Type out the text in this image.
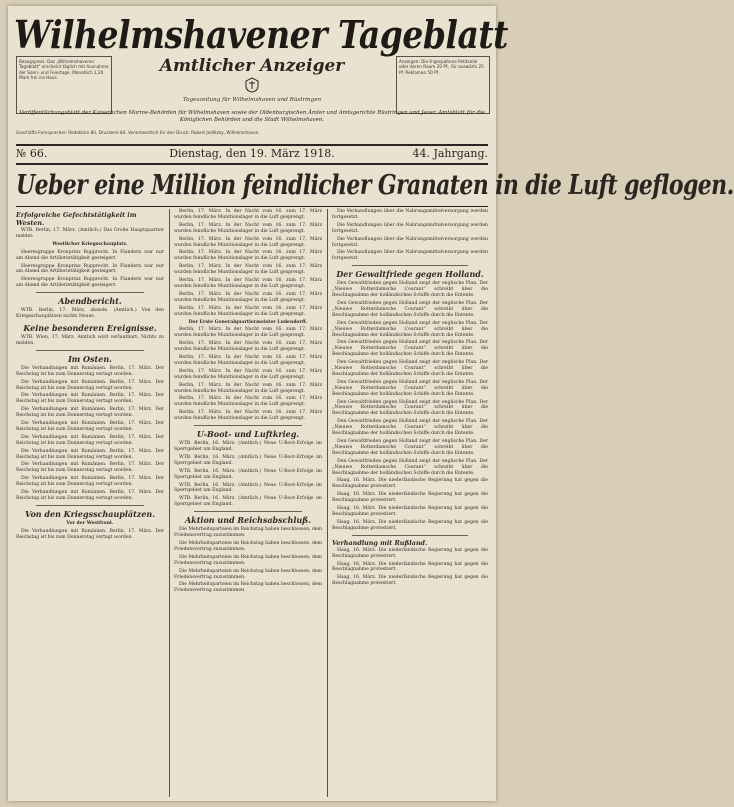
Wilhelmshavener Tageblatt
Bezugspreis: Das „Wilhelmshavener Tageblatt“ erscheint täglich mit Ausnahme der Sonn- und Feiertage. Monatlich 1,20 Mark frei ins Haus.
Amtlicher Anzeiger
Tageszeitung für Wilhelmshaven und Rüstringen
Anzeigen: Die 6-gespaltene Petitzeile oder deren Raum 20 Pf., für auswärts 25 Pf. Reklamen 50 Pf.
Veröffentlichungsblatt der Kaiserlichen Marine-Behörden für Wilhelmshaven sowie der Oldenburgischen Ämter und Amtsgerichte Rüstringen und Jever. Amtsblatt für die Königlichen Behörden und die Stadt Wilhelmshaven.
Geschäfts-Fernsprecher: Redaktion 80, Druckerei 84. Verantwortlich für den Druck: Robert Jedlitzky, Wilhelmshaven.
№ 66.	Dienstag, den 19. März 1918.	44. Jahrgang.
Ueber eine Million feindlicher Granaten in die Luft geflogen.
Erfolgreiche Gefechtstätigkeit im Westen.

WTB. Berlin, 17. März. (Amtlich.) Das Große Hauptquartier meldet:

Westlicher Kriegsschauplatz.

Heeresgruppe Kronprinz Rupprecht. In Flandern war nur am Abend die Artillerietätigkeit gesteigert.

Heeresgruppe Kronprinz Rupprecht. In Flandern war nur am Abend die Artillerietätigkeit gesteigert.

Heeresgruppe Kronprinz Rupprecht. In Flandern war nur am Abend die Artillerietätigkeit gesteigert.

Abendbericht.

WTB. Berlin, 17. März, abends. (Amtlich.) Von den Kriegsschauplätzen nichts Neues.

Keine besonderen Ereignisse.

WTB. Wien, 17. März. Amtlich wird verlautbart: Nichts zu melden.

Im Osten.

Die Verhandlungen mit Rumänien. Berlin, 17. März. Der Reichstag ist bis zum Donnerstag vertagt worden.

Die Verhandlungen mit Rumänien. Berlin, 17. März. Der Reichstag ist bis zum Donnerstag vertagt worden.

Die Verhandlungen mit Rumänien. Berlin, 17. März. Der Reichstag ist bis zum Donnerstag vertagt worden.

Die Verhandlungen mit Rumänien. Berlin, 17. März. Der Reichstag ist bis zum Donnerstag vertagt worden.

Die Verhandlungen mit Rumänien. Berlin, 17. März. Der Reichstag ist bis zum Donnerstag vertagt worden.

Die Verhandlungen mit Rumänien. Berlin, 17. März. Der Reichstag ist bis zum Donnerstag vertagt worden.

Die Verhandlungen mit Rumänien. Berlin, 17. März. Der Reichstag ist bis zum Donnerstag vertagt worden.

Die Verhandlungen mit Rumänien. Berlin, 17. März. Der Reichstag ist bis zum Donnerstag vertagt worden.

Die Verhandlungen mit Rumänien. Berlin, 17. März. Der Reichstag ist bis zum Donnerstag vertagt worden.

Die Verhandlungen mit Rumänien. Berlin, 17. März. Der Reichstag ist bis zum Donnerstag vertagt worden.

Von den Kriegsschauplätzen.
Vor der Westfront.

Die Verhandlungen mit Rumänien. Berlin, 17. März. Der Reichstag ist bis zum Donnerstag vertagt worden.

Berlin, 17. März. In der Nacht vom 16. zum 17. März wurden feindliche Munitionslager in die Luft gesprengt.

Berlin, 17. März. In der Nacht vom 16. zum 17. März wurden feindliche Munitionslager in die Luft gesprengt.

Berlin, 17. März. In der Nacht vom 16. zum 17. März wurden feindliche Munitionslager in die Luft gesprengt.

Berlin, 17. März. In der Nacht vom 16. zum 17. März wurden feindliche Munitionslager in die Luft gesprengt.

Berlin, 17. März. In der Nacht vom 16. zum 17. März wurden feindliche Munitionslager in die Luft gesprengt.

Berlin, 17. März. In der Nacht vom 16. zum 17. März wurden feindliche Munitionslager in die Luft gesprengt.

Berlin, 17. März. In der Nacht vom 16. zum 17. März wurden feindliche Munitionslager in die Luft gesprengt.

Berlin, 17. März. In der Nacht vom 16. zum 17. März wurden feindliche Munitionslager in die Luft gesprengt.

Der Erste Generalquartiermeister Ludendorff.

Berlin, 17. März. In der Nacht vom 16. zum 17. März wurden feindliche Munitionslager in die Luft gesprengt.

Berlin, 17. März. In der Nacht vom 16. zum 17. März wurden feindliche Munitionslager in die Luft gesprengt.

Berlin, 17. März. In der Nacht vom 16. zum 17. März wurden feindliche Munitionslager in die Luft gesprengt.

Berlin, 17. März. In der Nacht vom 16. zum 17. März wurden feindliche Munitionslager in die Luft gesprengt.

Berlin, 17. März. In der Nacht vom 16. zum 17. März wurden feindliche Munitionslager in die Luft gesprengt.

Berlin, 17. März. In der Nacht vom 16. zum 17. März wurden feindliche Munitionslager in die Luft gesprengt.

Berlin, 17. März. In der Nacht vom 16. zum 17. März wurden feindliche Munitionslager in die Luft gesprengt.

U-Boot- und Luftkrieg.

WTB. Berlin, 16. März. (Amtlich.) Neue U-Boot-Erfolge im Sperrgebiet um England.

WTB. Berlin, 16. März. (Amtlich.) Neue U-Boot-Erfolge im Sperrgebiet um England.

WTB. Berlin, 16. März. (Amtlich.) Neue U-Boot-Erfolge im Sperrgebiet um England.

WTB. Berlin, 16. März. (Amtlich.) Neue U-Boot-Erfolge im Sperrgebiet um England.

WTB. Berlin, 16. März. (Amtlich.) Neue U-Boot-Erfolge im Sperrgebiet um England.

Aktion und Reichsabschluß.

Die Mehrheitsparteien im Reichstag haben beschlossen, dem Friedensvertrag zuzustimmen.

Die Mehrheitsparteien im Reichstag haben beschlossen, dem Friedensvertrag zuzustimmen.

Die Mehrheitsparteien im Reichstag haben beschlossen, dem Friedensvertrag zuzustimmen.

Die Mehrheitsparteien im Reichstag haben beschlossen, dem Friedensvertrag zuzustimmen.

Die Mehrheitsparteien im Reichstag haben beschlossen, dem Friedensvertrag zuzustimmen.

Die Verhandlungen über die Nahrungsmittelversorgung werden fortgesetzt.

Die Verhandlungen über die Nahrungsmittelversorgung werden fortgesetzt.

Die Verhandlungen über die Nahrungsmittelversorgung werden fortgesetzt.

Die Verhandlungen über die Nahrungsmittelversorgung werden fortgesetzt.

Der Gewaltfriede gegen Holland.

Den Gewaltfrieden gegen Holland zeigt der englische Plan. Der „Nieuwe Rotterdamsche Courant“ schreibt über die Beschlagnahme der holländischen Schiffe durch die Entente.

Den Gewaltfrieden gegen Holland zeigt der englische Plan. Der „Nieuwe Rotterdamsche Courant“ schreibt über die Beschlagnahme der holländischen Schiffe durch die Entente.

Den Gewaltfrieden gegen Holland zeigt der englische Plan. Der „Nieuwe Rotterdamsche Courant“ schreibt über die Beschlagnahme der holländischen Schiffe durch die Entente.

Den Gewaltfrieden gegen Holland zeigt der englische Plan. Der „Nieuwe Rotterdamsche Courant“ schreibt über die Beschlagnahme der holländischen Schiffe durch die Entente.

Den Gewaltfrieden gegen Holland zeigt der englische Plan. Der „Nieuwe Rotterdamsche Courant“ schreibt über die Beschlagnahme der holländischen Schiffe durch die Entente.

Den Gewaltfrieden gegen Holland zeigt der englische Plan. Der „Nieuwe Rotterdamsche Courant“ schreibt über die Beschlagnahme der holländischen Schiffe durch die Entente.

Den Gewaltfrieden gegen Holland zeigt der englische Plan. Der „Nieuwe Rotterdamsche Courant“ schreibt über die Beschlagnahme der holländischen Schiffe durch die Entente.

Den Gewaltfrieden gegen Holland zeigt der englische Plan. Der „Nieuwe Rotterdamsche Courant“ schreibt über die Beschlagnahme der holländischen Schiffe durch die Entente.

Den Gewaltfrieden gegen Holland zeigt der englische Plan. Der „Nieuwe Rotterdamsche Courant“ schreibt über die Beschlagnahme der holländischen Schiffe durch die Entente.

Den Gewaltfrieden gegen Holland zeigt der englische Plan. Der „Nieuwe Rotterdamsche Courant“ schreibt über die Beschlagnahme der holländischen Schiffe durch die Entente.

Haag, 16. März. Die niederländische Regierung hat gegen die Beschlagnahme protestiert.

Haag, 16. März. Die niederländische Regierung hat gegen die Beschlagnahme protestiert.

Haag, 16. März. Die niederländische Regierung hat gegen die Beschlagnahme protestiert.

Haag, 16. März. Die niederländische Regierung hat gegen die Beschlagnahme protestiert.

Verhandlung mit Rußland.

Haag, 16. März. Die niederländische Regierung hat gegen die Beschlagnahme protestiert.

Haag, 16. März. Die niederländische Regierung hat gegen die Beschlagnahme protestiert.

Haag, 16. März. Die niederländische Regierung hat gegen die Beschlagnahme protestiert.
